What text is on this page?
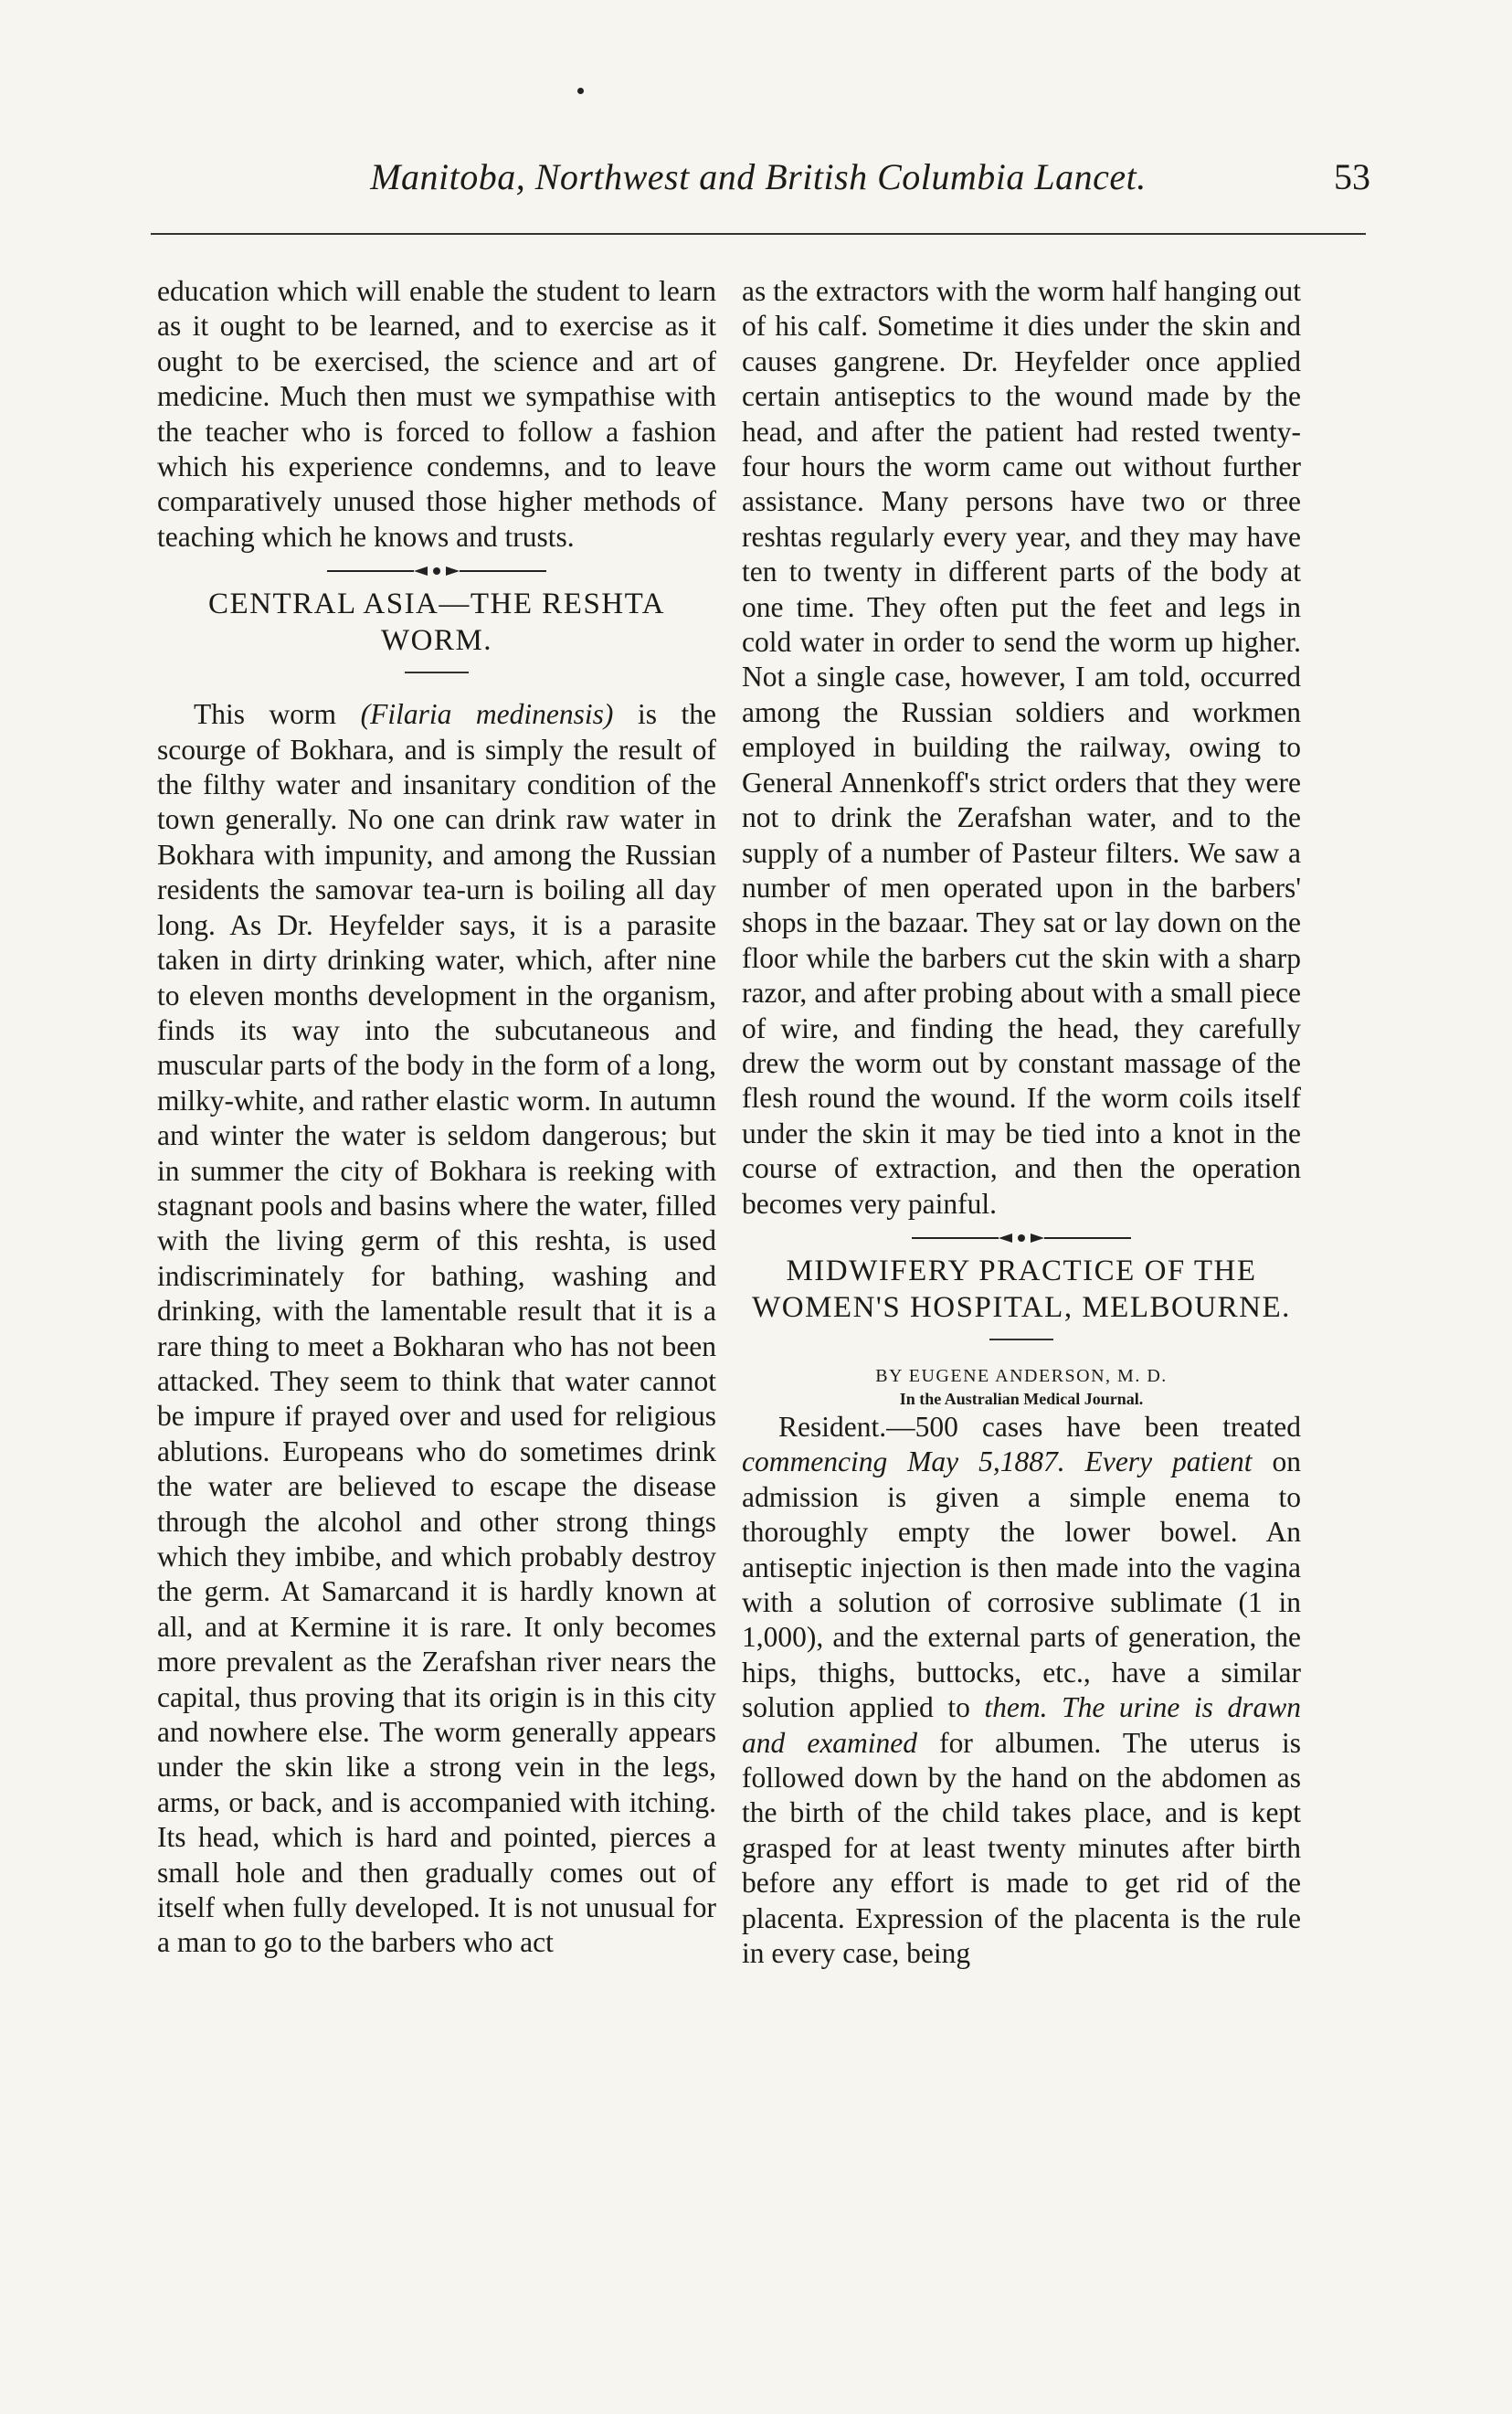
Manitoba, Northwest and British Columbia Lancet.	53

education which will enable the student to learn as it ought to be learned, and to exercise as it ought to be exercised, the science and art of medicine. Much then must we sympathise with the teacher who is forced to follow a fashion which his experience condemns, and to leave comparatively unused those higher methods of teaching which he knows and trusts.

CENTRAL ASIA—THE RESHTA WORM.

This worm (Filaria medinensis) is the scourge of Bokhara, and is simply the result of the filthy water and insanitary condition of the town generally. No one can drink raw water in Bokhara with impunity, and among the Russian residents the samovar tea-urn is boiling all day long. As Dr. Heyfelder says, it is a parasite taken in dirty drinking water, which, after nine to eleven months development in the organism, finds its way into the subcutaneous and muscular parts of the body in the form of a long, milky-white, and rather elastic worm. In autumn and winter the water is seldom dangerous; but in summer the city of Bokhara is reeking with stagnant pools and basins where the water, filled with the living germ of this reshta, is used indiscriminately for bathing, washing and drinking, with the lamentable result that it is a rare thing to meet a Bokharan who has not been attacked. They seem to think that water cannot be impure if prayed over and used for religious ablutions. Europeans who do sometimes drink the water are believed to escape the disease through the alcohol and other strong things which they imbibe, and which probably destroy the germ. At Samarcand it is hardly known at all, and at Kermine it is rare. It only becomes more prevalent as the Zerafshan river nears the capital, thus proving that its origin is in this city and nowhere else. The worm generally appears under the skin like a strong vein in the legs, arms, or back, and is accompanied with itching. Its head, which is hard and pointed, pierces a small hole and then gradually comes out of itself when fully developed. It is not unusual for a man to go to the barbers who act

as the extractors with the worm half hanging out of his calf. Sometime it dies under the skin and causes gangrene. Dr. Heyfelder once applied certain antiseptics to the wound made by the head, and after the patient had rested twenty-four hours the worm came out without further assistance. Many persons have two or three reshtas regularly every year, and they may have ten to twenty in different parts of the body at one time. They often put the feet and legs in cold water in order to send the worm up higher. Not a single case, however, I am told, occurred among the Russian soldiers and workmen employed in building the railway, owing to General Annenkoff's strict orders that they were not to drink the Zerafshan water, and to the supply of a number of Pasteur filters. We saw a number of men operated upon in the barbers' shops in the bazaar. They sat or lay down on the floor while the barbers cut the skin with a sharp razor, and after probing about with a small piece of wire, and finding the head, they carefully drew the worm out by constant massage of the flesh round the wound. If the worm coils itself under the skin it may be tied into a knot in the course of extraction, and then the operation becomes very painful.

MIDWIFERY PRACTICE OF THE WOMEN'S HOSPITAL, MELBOURNE.

BY EUGENE ANDERSON, M. D.

In the Australian Medical Journal.

Resident.—500 cases have been treated commencing May 5,1887. Every patient on admission is given a simple enema to thoroughly empty the lower bowel. An antiseptic injection is then made into the vagina with a solution of corrosive sublimate (1 in 1,000), and the external parts of generation, the hips, thighs, buttocks, etc., have a similar solution applied to them. The urine is drawn and examined for albumen. The uterus is followed down by the hand on the abdomen as the birth of the child takes place, and is kept grasped for at least twenty minutes after birth before any effort is made to get rid of the placenta. Expression of the placenta is the rule in every case, being
